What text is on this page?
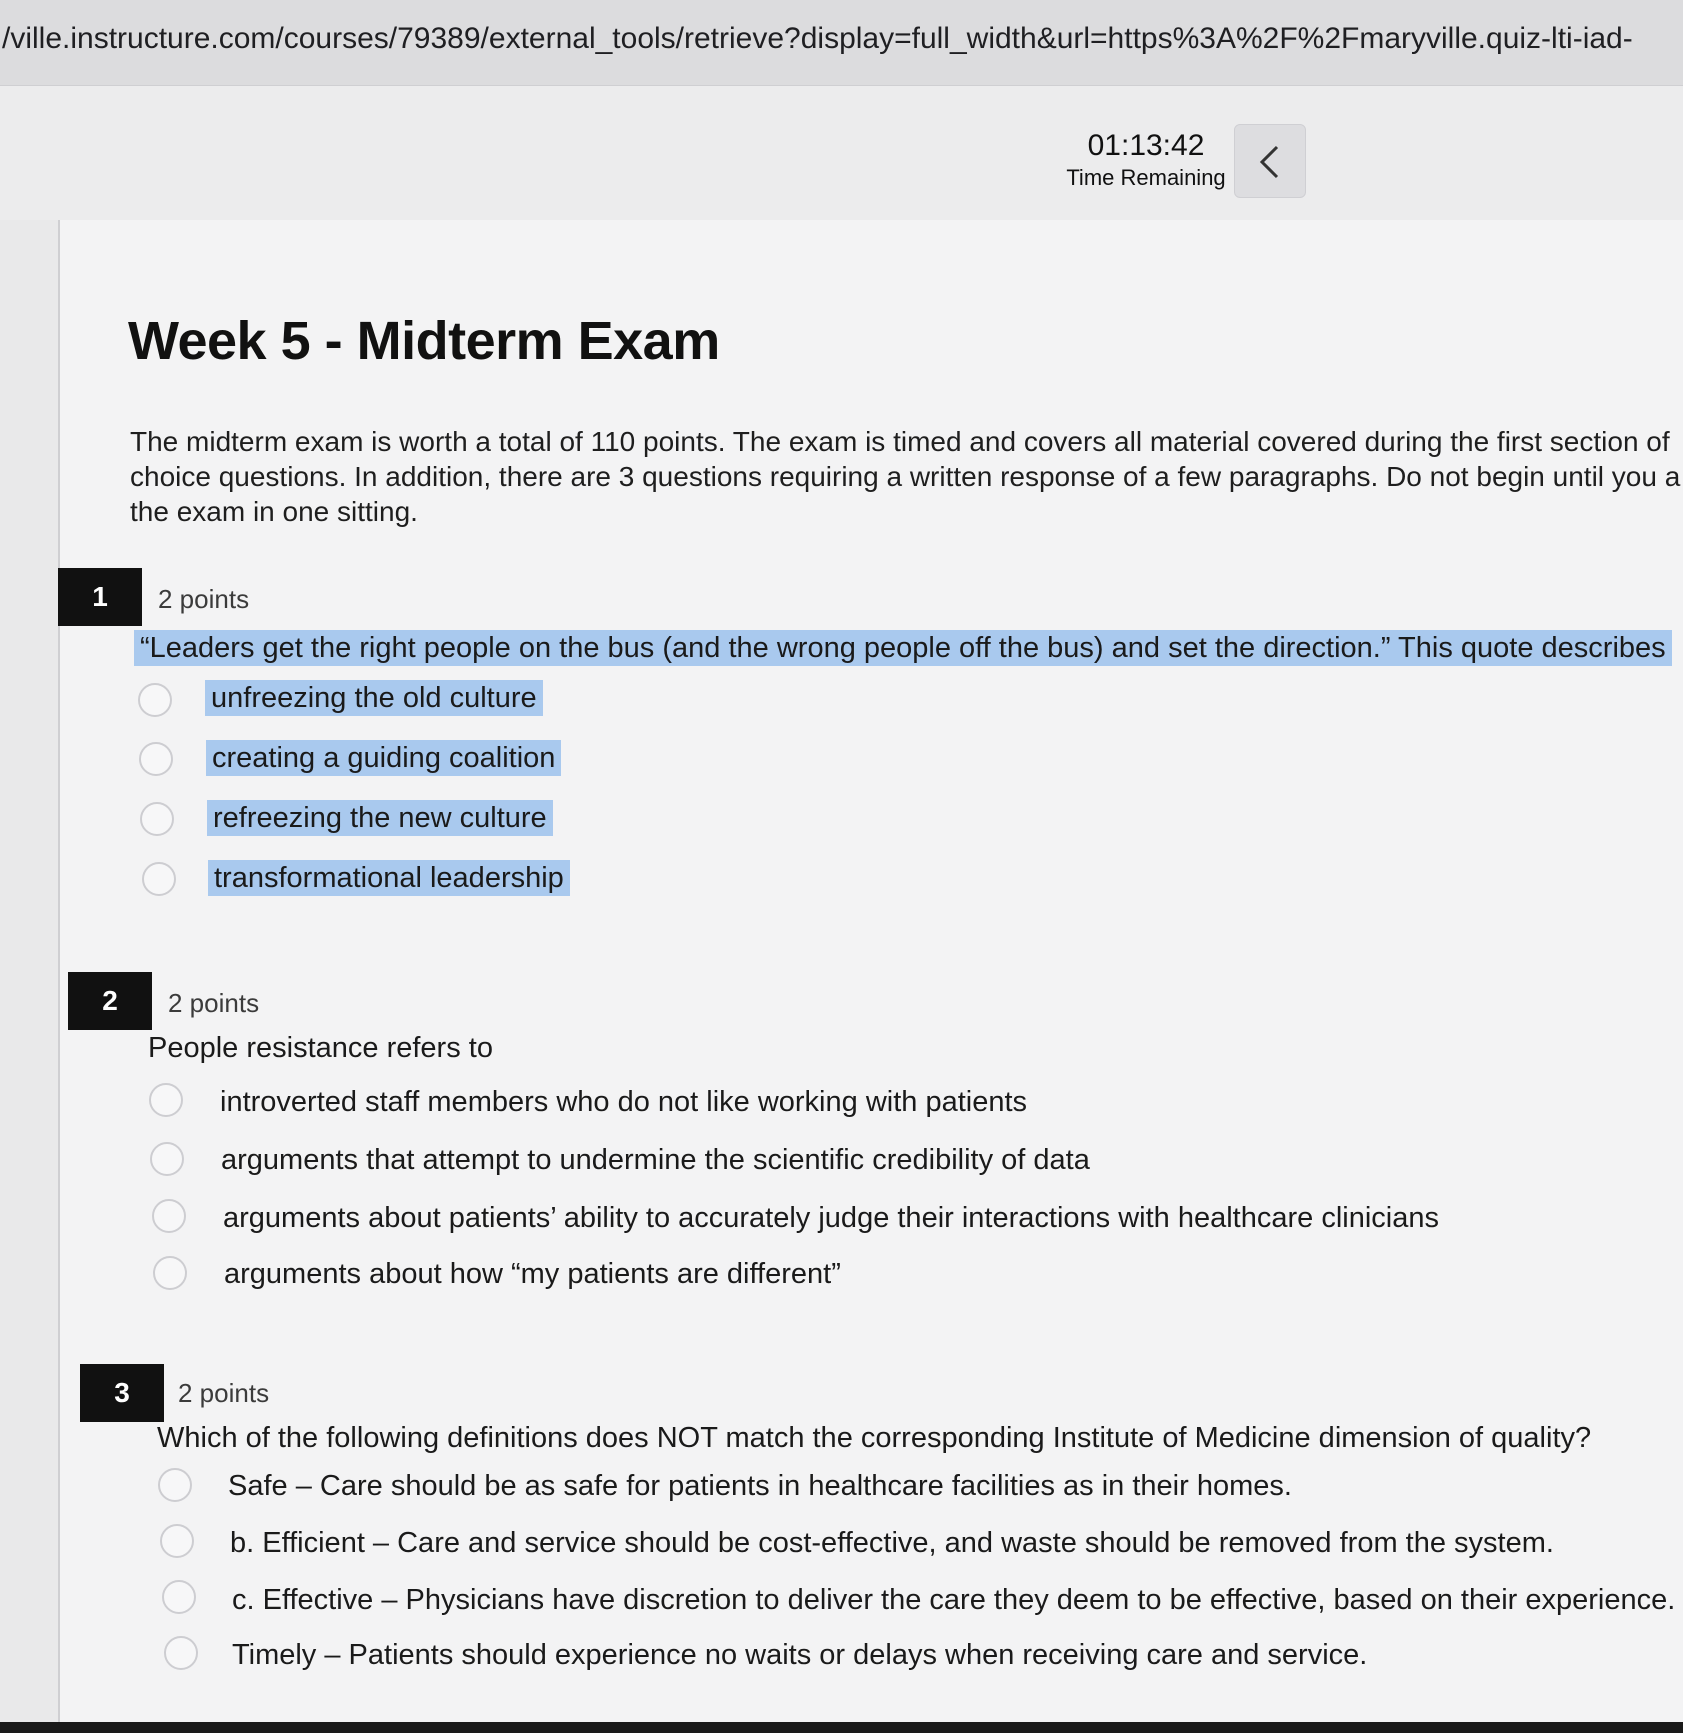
/ville.instructure.com/courses/79389/external_tools/retrieve?display=full_width&url=https%3A%2F%2Fmaryville.quiz-lti-iad-
01:13:42
Time Remaining
Week 5 - Midterm Exam
The midterm exam is worth a total of 110 points. The exam is timed and covers all material covered during the first section of
choice questions. In addition, there are 3 questions requiring a written response of a few paragraphs. Do not begin until you a
the exam in one sitting.
1	2 points
“Leaders get the right people on the bus (and the wrong people off the bus) and set the direction.” This quote describes
unfreezing the old culture
creating a guiding coalition
refreezing the new culture
transformational leadership
2	2 points
People resistance refers to
introverted staff members who do not like working with patients
arguments that attempt to undermine the scientific credibility of data
arguments about patients’ ability to accurately judge their interactions with healthcare clinicians
arguments about how “my patients are different”
3	2 points
Which of the following definitions does NOT match the corresponding Institute of Medicine dimension of quality?
Safe – Care should be as safe for patients in healthcare facilities as in their homes.
b. Efficient – Care and service should be cost-effective, and waste should be removed from the system.
c. Effective – Physicians have discretion to deliver the care they deem to be effective, based on their experience.
Timely – Patients should experience no waits or delays when receiving care and service.
